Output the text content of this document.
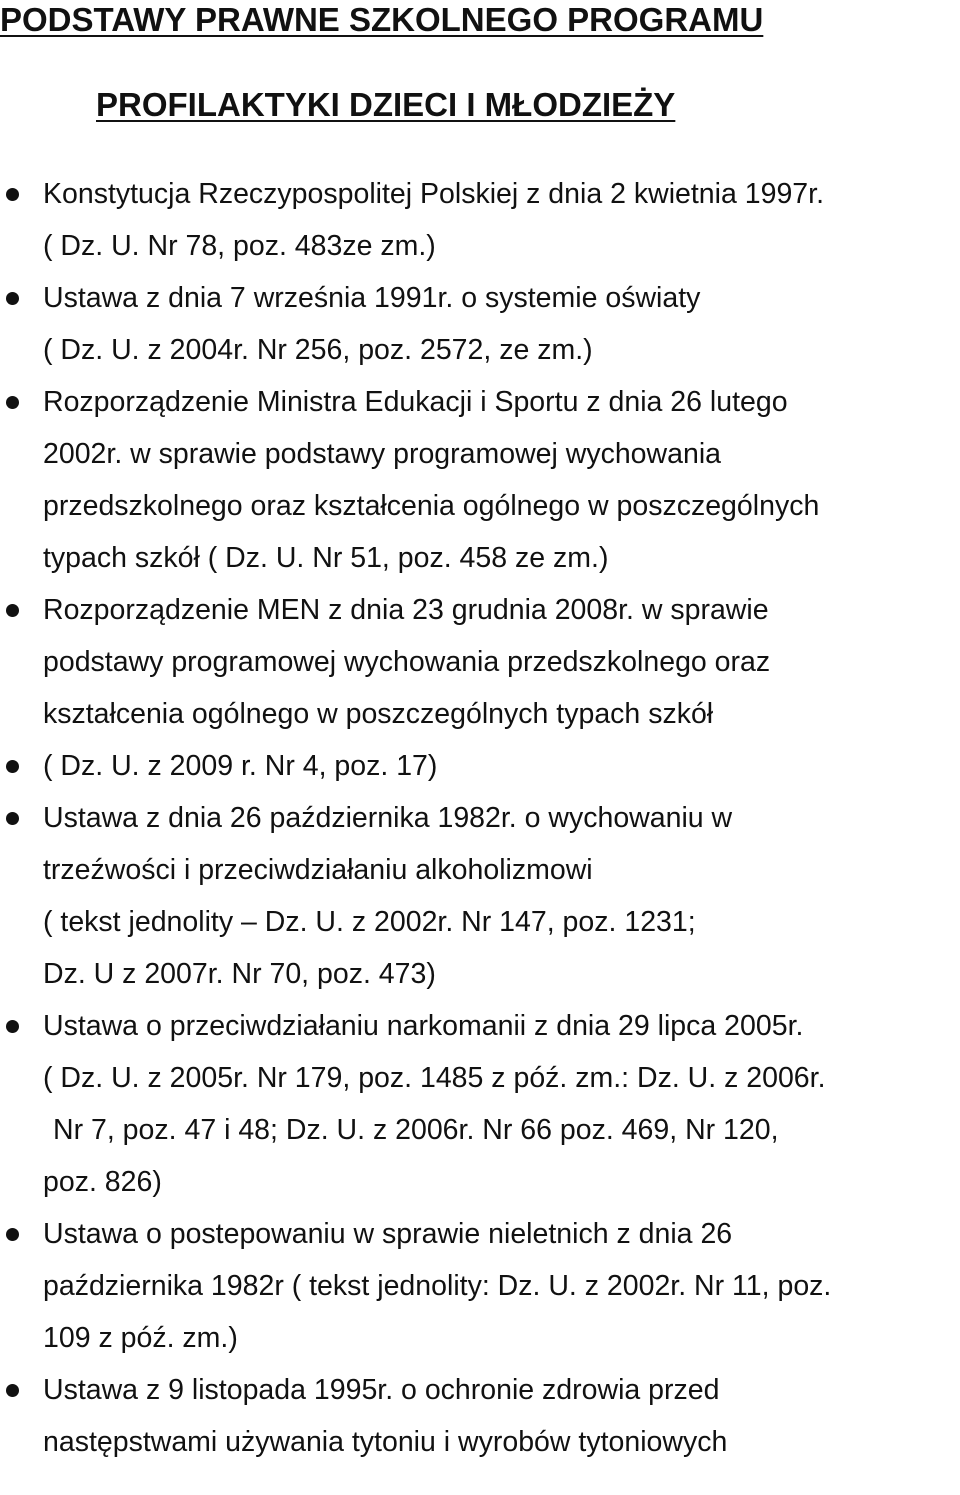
PODSTAWY PRAWNE SZKOLNEGO PROGRAMU
PROFILAKTYKI DZIECI I MŁODZIEŻY
Konstytucja Rzeczypospolitej Polskiej z dnia 2 kwietnia 1997r.
( Dz. U. Nr 78, poz. 483ze zm.)
Ustawa z dnia 7 września 1991r. o systemie oświaty
( Dz. U. z 2004r. Nr 256, poz. 2572, ze zm.)
Rozporządzenie Ministra Edukacji i Sportu z dnia 26 lutego
2002r. w sprawie podstawy programowej wychowania
przedszkolnego oraz kształcenia ogólnego w poszczególnych
typach szkół ( Dz. U. Nr 51, poz. 458 ze zm.)
Rozporządzenie MEN z dnia 23 grudnia 2008r. w sprawie
podstawy programowej wychowania przedszkolnego oraz
kształcenia ogólnego w poszczególnych typach szkół
( Dz. U. z 2009 r. Nr 4, poz. 17)
Ustawa z dnia 26 października 1982r. o wychowaniu w
trzeźwości i przeciwdziałaniu alkoholizmowi
( tekst jednolity – Dz. U. z 2002r. Nr 147, poz. 1231;
Dz. U z 2007r. Nr 70, poz. 473)
Ustawa o przeciwdziałaniu narkomanii z dnia 29 lipca 2005r.
( Dz. U. z 2005r. Nr 179, poz. 1485 z póź. zm.: Dz. U. z 2006r.
Nr 7, poz. 47 i 48; Dz. U. z 2006r. Nr 66 poz. 469, Nr 120,
poz. 826)
Ustawa o postepowaniu w sprawie nieletnich z dnia 26
października 1982r ( tekst jednolity: Dz. U. z 2002r. Nr 11, poz.
109 z póź. zm.)
Ustawa z 9 listopada 1995r. o ochronie zdrowia przed
następstwami używania tytoniu i wyrobów tytoniowych
